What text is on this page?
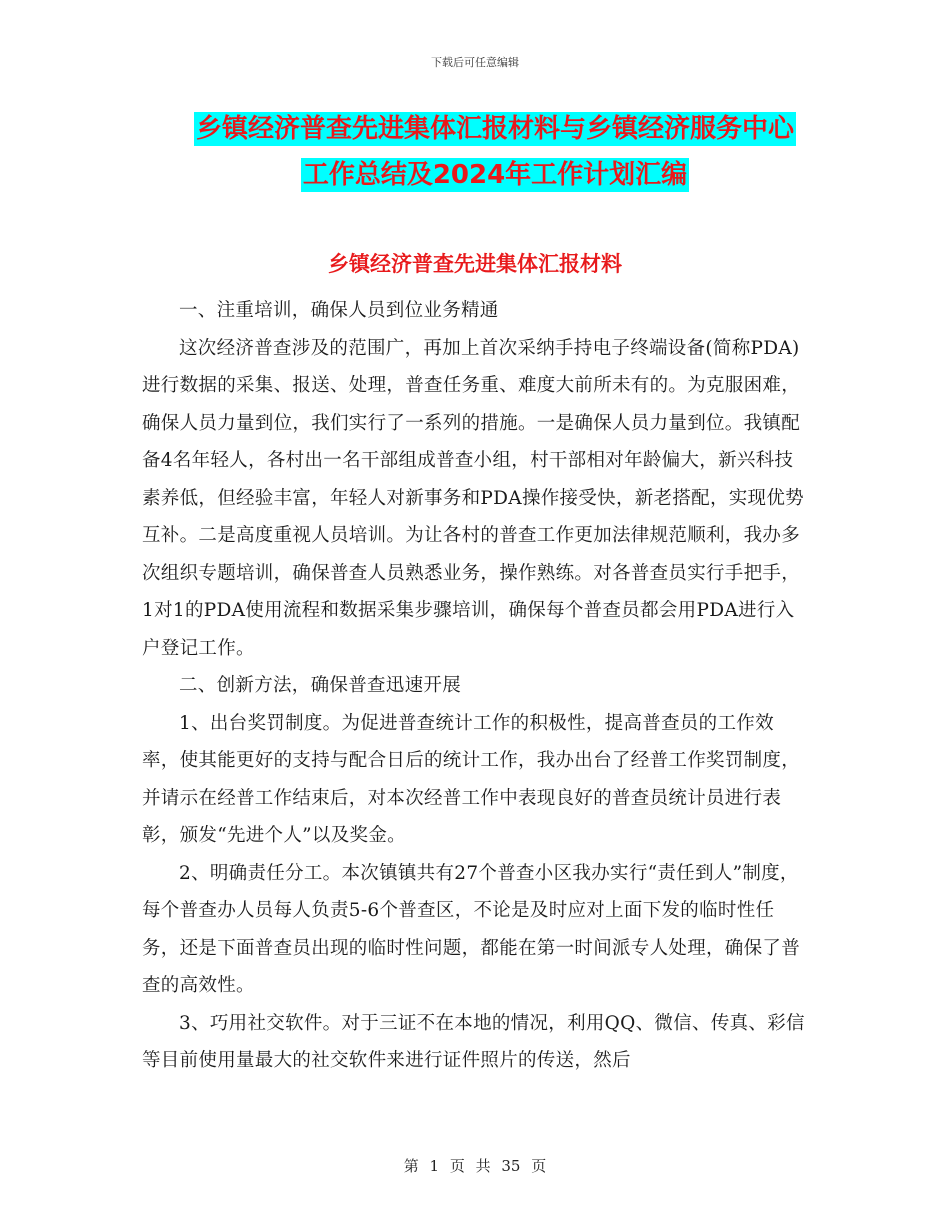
下载后可任意编辑
乡镇经济普查先进集体汇报材料与乡镇经济服务中心
工作总结及2024年工作计划汇编
乡镇经济普查先进集体汇报材料

一、注重培训，确保人员到位业务精通

这次经济普查涉及的范围广，再加上首次采纳手持电子终端设备(简称PDA)进行数据的采集、报送、处理，普查任务重、难度大前所未有的。为克服困难，确保人员力量到位，我们实行了一系列的措施。一是确保人员力量到位。我镇配备4名年轻人，各村出一名干部组成普查小组，村干部相对年龄偏大，新兴科技素养低，但经验丰富，年轻人对新事务和PDA操作接受快，新老搭配，实现优势互补。二是高度重视人员培训。为让各村的普查工作更加法律规范顺利，我办多次组织专题培训，确保普查人员熟悉业务，操作熟练。对各普查员实行手把手，1对1的PDA使用流程和数据采集步骤培训，确保每个普查员都会用PDA进行入户登记工作。

二、创新方法，确保普查迅速开展

1、出台奖罚制度。为促进普查统计工作的积极性，提高普查员的工作效率，使其能更好的支持与配合日后的统计工作，我办出台了经普工作奖罚制度，并请示在经普工作结束后，对本次经普工作中表现良好的普查员统计员进行表彰，颁发“先进个人”以及奖金。

2、明确责任分工。本次镇镇共有27个普查小区我办实行“责任到人”制度，每个普查办人员每人负责5-6个普查区，不论是及时应对上面下发的临时性任务，还是下面普查员出现的临时性问题，都能在第一时间派专人处理，确保了普查的高效性。

3、巧用社交软件。对于三证不在本地的情况，利用QQ、微信、传真、彩信等目前使用量最大的社交软件来进行证件照片的传送，然后

第 1 页 共 35 页
